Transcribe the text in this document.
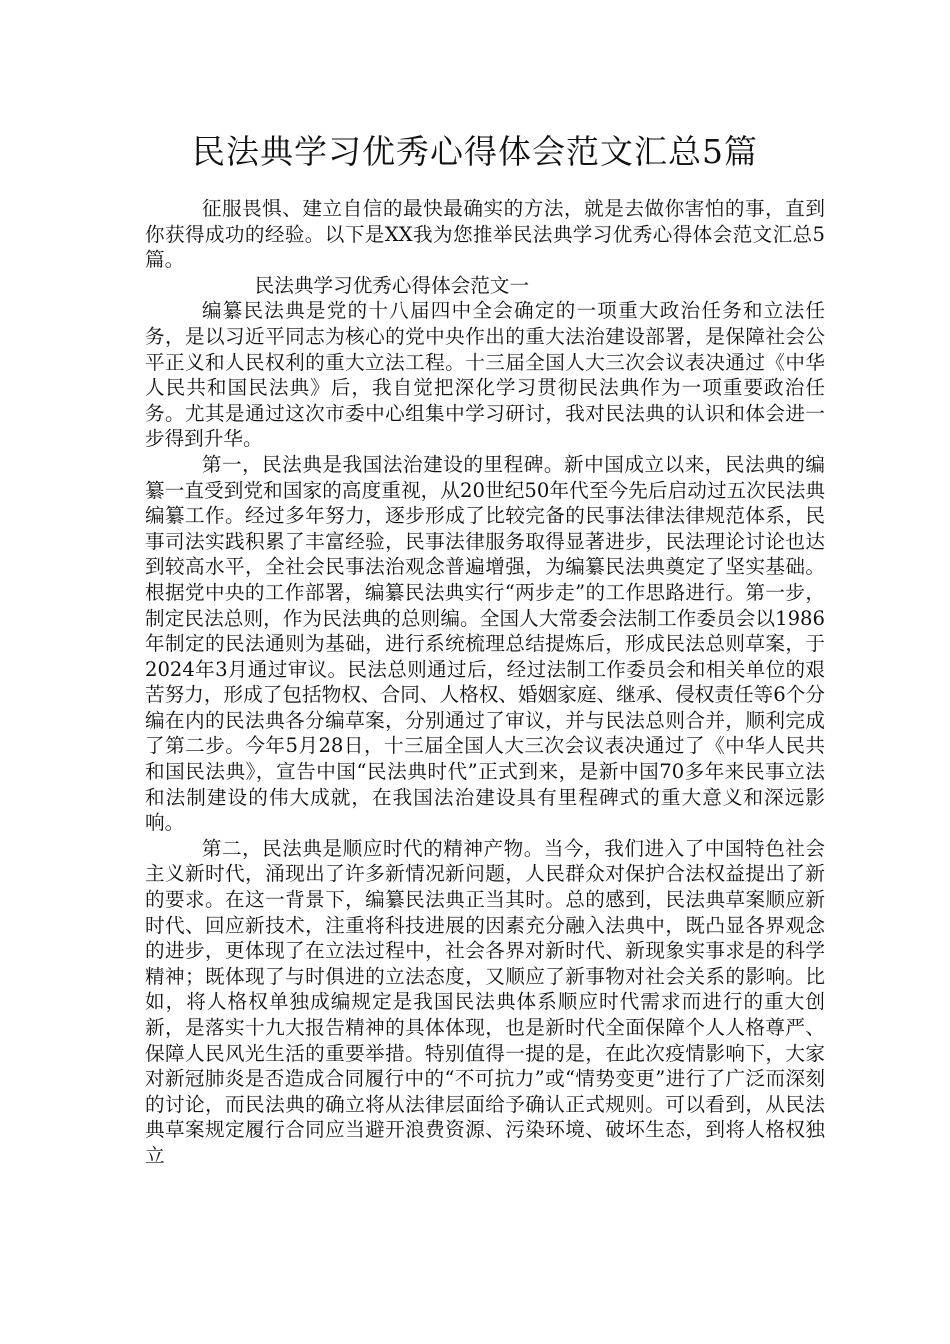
民法典学习优秀心得体会范文汇总5篇

征服畏惧、建立自信的最快最确实的方法，就是去做你害怕的事，直到你获得成功的经验。以下是XX我为您推举民法典学习优秀心得体会范文汇总5篇。

民法典学习优秀心得体会范文一

编纂民法典是党的十八届四中全会确定的一项重大政治任务和立法任务，是以习近平同志为核心的党中央作出的重大法治建设部署，是保障社会公平正义和人民权利的重大立法工程。十三届全国人大三次会议表决通过《中华人民共和国民法典》后，我自觉把深化学习贯彻民法典作为一项重要政治任务。尤其是通过这次市委中心组集中学习研讨，我对民法典的认识和体会进一步得到升华。

第一，民法典是我国法治建设的里程碑。新中国成立以来，民法典的编纂一直受到党和国家的高度重视，从20世纪50年代至今先后启动过五次民法典编纂工作。经过多年努力，逐步形成了比较完备的民事法律法律规范体系，民事司法实践积累了丰富经验，民事法律服务取得显著进步，民法理论讨论也达到较高水平，全社会民事法治观念普遍增强，为编纂民法典奠定了坚实基础。根据党中央的工作部署，编纂民法典实行“两步走”的工作思路进行。第一步，制定民法总则，作为民法典的总则编。全国人大常委会法制工作委员会以1986年制定的民法通则为基础，进行系统梳理总结提炼后，形成民法总则草案，于2024年3月通过审议。民法总则通过后，经过法制工作委员会和相关单位的艰苦努力，形成了包括物权、合同、人格权、婚姻家庭、继承、侵权责任等6个分编在内的民法典各分编草案，分别通过了审议，并与民法总则合并，顺利完成了第二步。今年5月28日，十三届全国人大三次会议表决通过了《中华人民共和国民法典》，宣告中国“民法典时代”正式到来，是新中国70多年来民事立法和法制建设的伟大成就，在我国法治建设具有里程碑式的重大意义和深远影响。

第二，民法典是顺应时代的精神产物。当今，我们进入了中国特色社会主义新时代，涌现出了许多新情况新问题，人民群众对保护合法权益提出了新的要求。在这一背景下，编纂民法典正当其时。总的感到，民法典草案顺应新时代、回应新技术，注重将科技进展的因素充分融入法典中，既凸显各界观念的进步，更体现了在立法过程中，社会各界对新时代、新现象实事求是的科学精神；既体现了与时俱进的立法态度，又顺应了新事物对社会关系的影响。比如，将人格权单独成编规定是我国民法典体系顺应时代需求而进行的重大创新，是落实十九大报告精神的具体体现，也是新时代全面保障个人人格尊严、保障人民风光生活的重要举措。特别值得一提的是，在此次疫情影响下，大家对新冠肺炎是否造成合同履行中的“不可抗力”或“情势变更”进行了广泛而深刻的讨论，而民法典的确立将从法律层面给予确认正式规则。可以看到，从民法典草案规定履行合同应当避开浪费资源、污染环境、破坏生态，到将人格权独立
